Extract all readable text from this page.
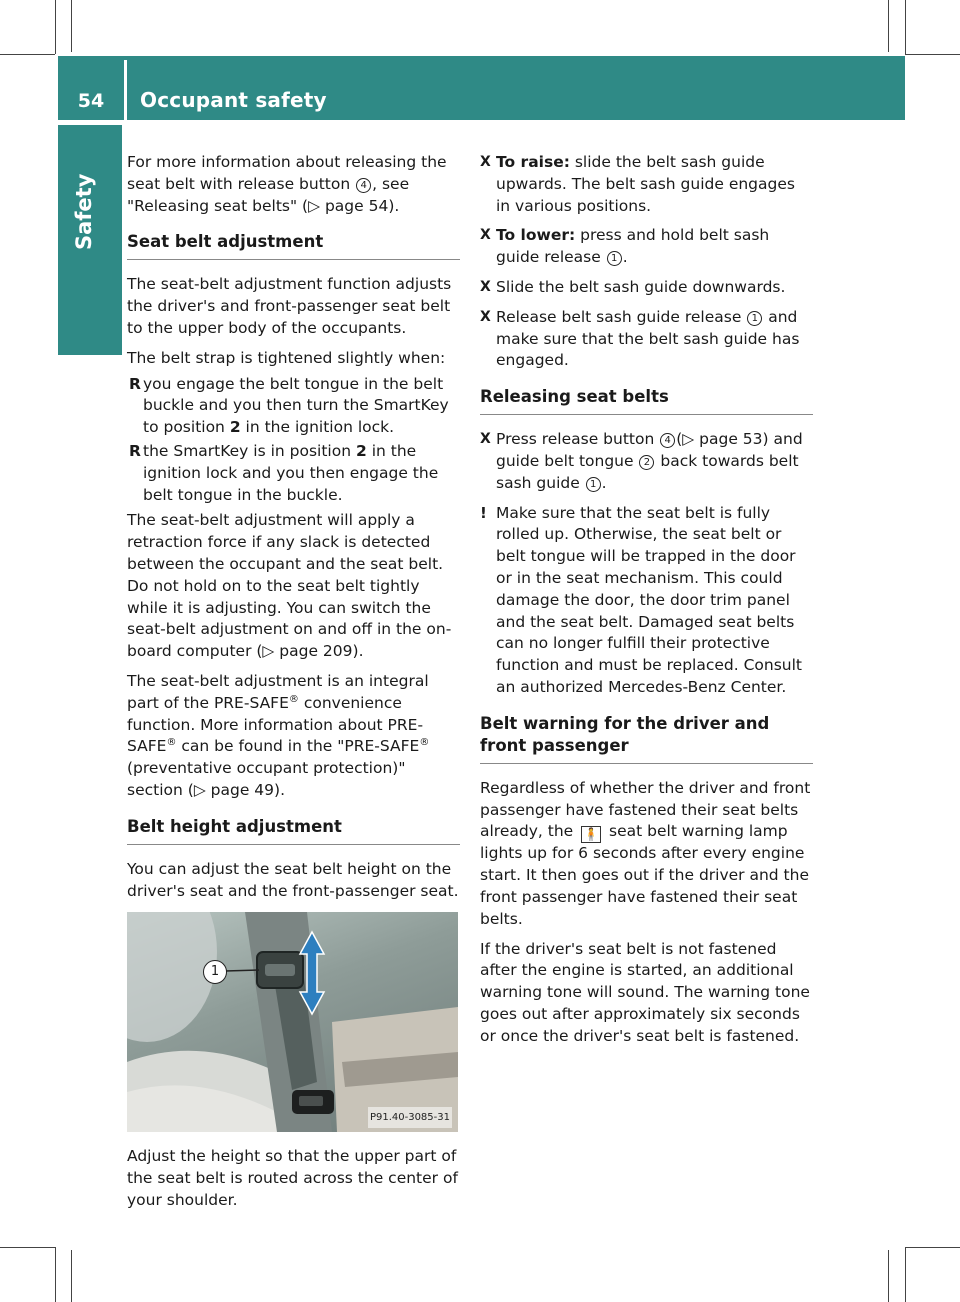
54	Occupant safety
Safety

For more information about releasing the seat belt with release button 4 , see "Releasing seat belts" (▷ page 54).

Seat belt adjustment

The seat-belt adjustment function adjusts the driver's and front-passenger seat belt to the upper body of the occupants.

The belt strap is tightened slightly when:

R you engage the belt tongue in the belt buckle and you then turn the SmartKey to position 2 in the ignition lock.
R the SmartKey is in position 2 in the ignition lock and you then engage the belt tongue in the buckle.

The seat-belt adjustment will apply a retraction force if any slack is detected between the occupant and the seat belt. Do not hold on to the seat belt tightly while it is adjusting. You can switch the seat-belt adjustment on and off in the on-board computer (▷ page 209).

The seat-belt adjustment is an integral part of the PRE-SAFE® convenience function. More information about PRE-SAFE® can be found in the "PRE-SAFE® (preventative occupant protection)" section (▷ page 49).

Belt height adjustment

You can adjust the seat belt height on the driver's seat and the front-passenger seat.

1
P91.40-3085-31

Adjust the height so that the upper part of the seat belt is routed across the center of your shoulder.

X To raise: slide the belt sash guide upwards. The belt sash guide engages in various positions.
X To lower: press and hold belt sash guide release 1 .
X Slide the belt sash guide downwards.
X Release belt sash guide release 1 and make sure that the belt sash guide has engaged.
Releasing seat belts
X Press release button 4 (▷ page 53) and guide belt tongue 2 back towards belt sash guide 1 .
! Make sure that the seat belt is fully rolled up. Otherwise, the seat belt or belt tongue will be trapped in the door or in the seat mechanism. This could damage the door, the door trim panel and the seat belt. Damaged seat belts can no longer fulfill their protective function and must be replaced. Consult an authorized Mercedes-Benz Center.
Belt warning for the driver and front passenger

Regardless of whether the driver and front passenger have fastened their seat belts already, the 🧍 seat belt warning lamp lights up for 6 seconds after every engine start. It then goes out if the driver and the front passenger have fastened their seat belts.

If the driver's seat belt is not fastened after the engine is started, an additional warning tone will sound. The warning tone goes out after approximately six seconds or once the driver's seat belt is fastened.
